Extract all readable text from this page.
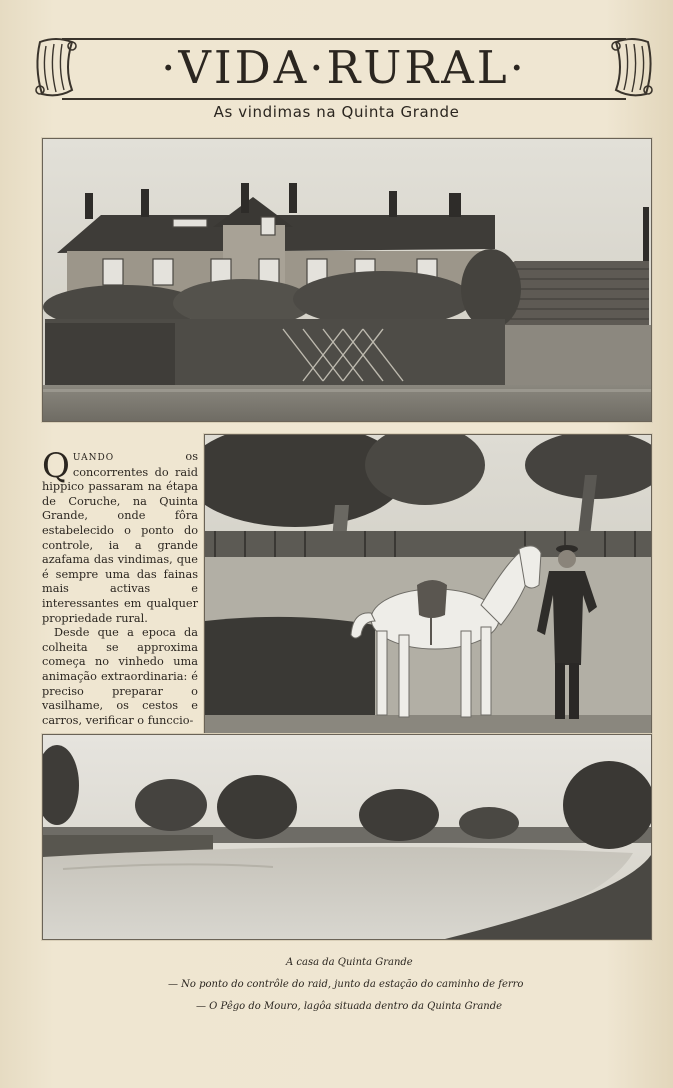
·VIDA·RURAL·
As vindimas na Quinta Grande

QUANDO os concorrentes do raid hippico passaram na étapa de Coruche, na Quinta Grande, onde fôra estabelecido o ponto do controle, ia a grande azafama das vindimas, que é sempre uma das fainas mais activas e interessantes em qualquer propriedade rural.

Desde que a epoca da colheita se approxima começa no vinhedo uma animação extraordinaria: é preciso preparar o vasilhame, os cestos e carros, verificar o funccio-

A casa da Quinta Grande
— No ponto do contrôle do raid, junto da estação do caminho de ferro
— O Pêgo do Mouro, lagôa situada dentro da Quinta Grande
